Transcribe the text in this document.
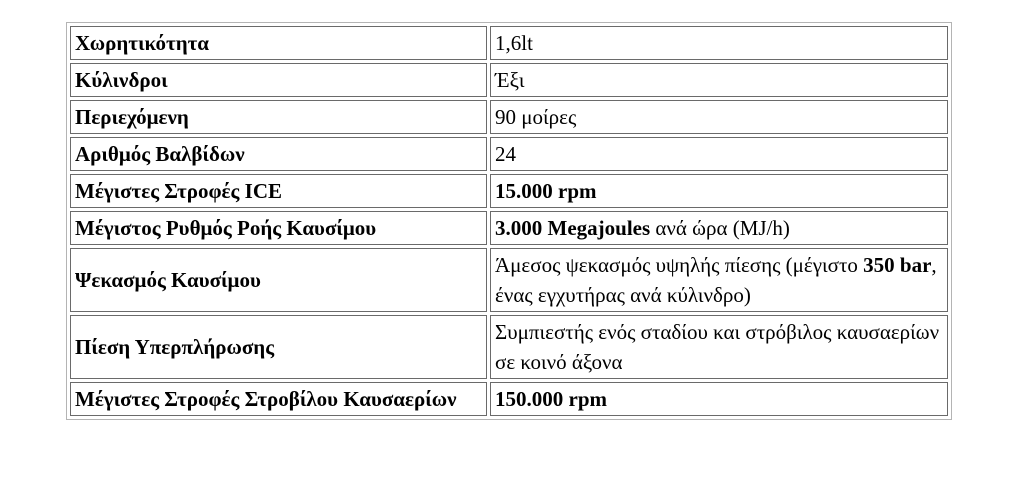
Χωρητικότητα	1,6lt
Κύλινδροι	Έξι
Περιεχόμενη	90 μοίρες
Αριθμός Βαλβίδων	24
Μέγιστες Στροφές ICE	15.000 rpm
Μέγιστος Ρυθμός Ροής Καυσίμου	3.000 Megajoules ανά ώρα (MJ/h)
Ψεκασμός Καυσίμου	Άμεσος ψεκασμός υψηλής πίεσης (μέγιστο 350 bar, ένας εγχυτήρας ανά κύλινδρο)
Πίεση Υπερπλήρωσης	Συμπιεστής ενός σταδίου και στρόβιλος καυσαερίων σε κοινό άξονα
Μέγιστες Στροφές Στροβίλου Καυσαερίων	150.000 rpm
